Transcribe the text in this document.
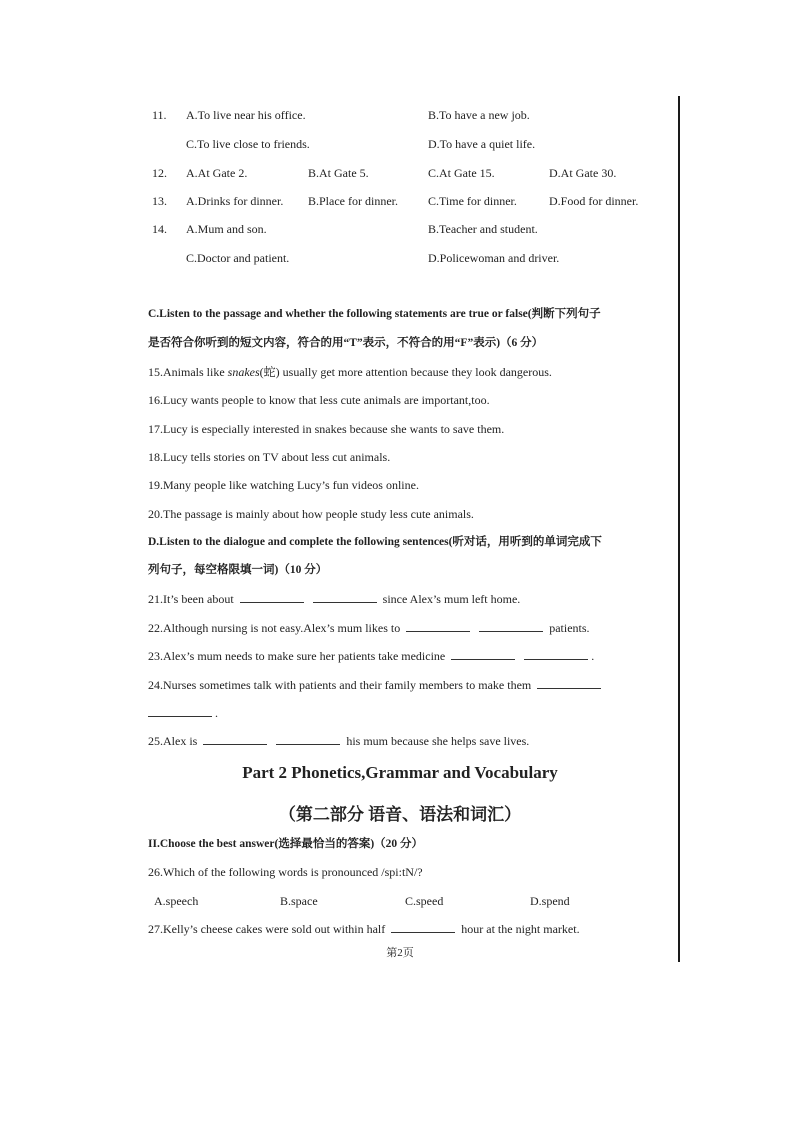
11. A.To live near his office.	B.To have a new job.
C.To live close to friends.	D.To have a quiet life.
12. A.At Gate 2.	B.At Gate 5.	C.At Gate 15.	D.At Gate 30.
13. A.Drinks for dinner. B.Place for dinner.	C.Time for dinner.	D.Food for dinner.
14. A.Mum and son.	B.Teacher and student.
C.Doctor and patient.	D.Policewoman and driver.
C.Listen to the passage and whether the following statements are true or false(判断下列句子
是否符合你听到的短文内容，符合的用“T”表示，不符合的用“F”表示)（6 分）
15.Animals like snakes(蛇) usually get more attention because they look dangerous.
16.Lucy wants people to know that less cute animals are important,too.
17.Lucy is especially interested in snakes because she wants to save them.
18.Lucy tells stories on TV about less cut animals.
19.Many people like watching Lucy’s fun videos online.
20.The passage is mainly about how people study less cute animals.
D.Listen to the dialogue and complete the following sentences(听对话，用听到的单词完成下
列句子，每空格限填一词)（10 分）
21.It’s been about	since Alex’s mum left home.
22.Although nursing is not easy.Alex’s mum likes to	patients.
23.Alex’s mum needs to make sure her patients take medicine	.
24.Nurses sometimes talk with patients and their family members to make them
.
25.Alex is	his mum because she helps save lives.
Part 2 Phonetics,Grammar and Vocabulary
（第二部分 语音、语法和词汇）
II.Choose the best answer(选择最恰当的答案)（20 分）
26.Which of the following words is pronounced /spi:tN/?
A.speech	B.space	C.speed	D.spend
27.Kelly’s cheese cakes were sold out within half	hour at the night market.
第2页
